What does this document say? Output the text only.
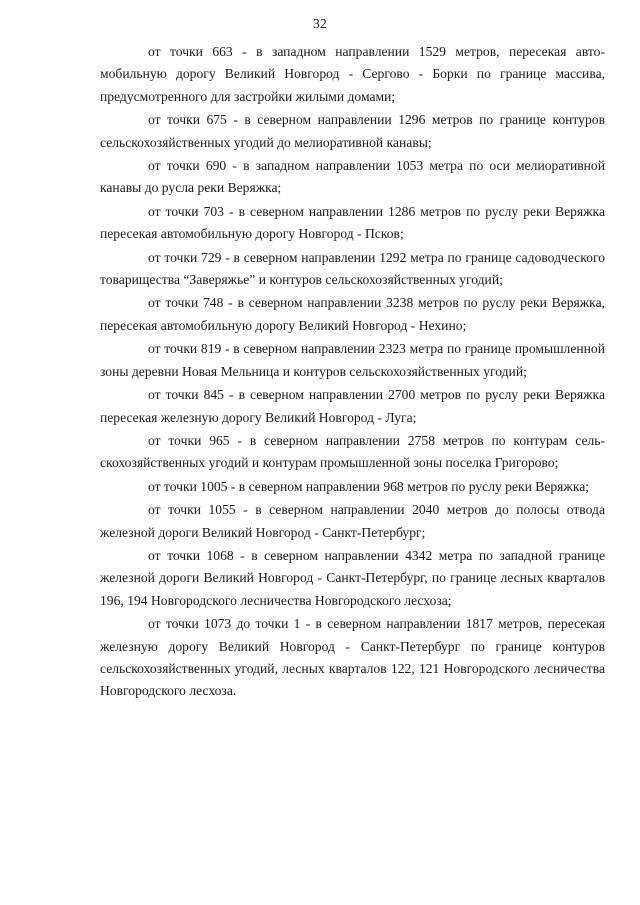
32

от точки 663 - в западном направлении 1529 метров, пересекая автомобильную дорогу Великий Новгород - Сергово - Борки по границе массива, предусмотренного для застройки жилыми домами;

от точки 675 - в северном направлении 1296 метров по границе контуров сельскохозяйственных угодий до мелиоративной канавы;

от точки 690 - в западном направлении 1053 метра по оси мелиоративной канавы до русла реки Веряжка;

от точки 703 - в северном направлении 1286 метров по руслу реки Веряжка пересекая автомобильную дорогу Новгород - Псков;

от точки 729 - в северном направлении 1292 метра по границе садоводческого товарищества “Заверяжье” и контуров сельскохозяйственных угодий;

от точки 748 - в северном направлении 3238 метров по руслу реки Веряжка, пересекая автомобильную дорогу Великий Новгород - Нехино;

от точки 819 - в северном направлении 2323 метра по границе промышленной зоны деревни Новая Мельница и контуров сельскохозяйственных угодий;

от точки 845 - в северном направлении 2700 метров по руслу реки Веряжка пересекая железную дорогу Великий Новгород - Луга;

от точки 965 - в северном направлении 2758 метров по контурам сельскохозяйственных угодий и контурам промышленной зоны поселка Григорово;

от точки 1005 - в северном направлении 968 метров по руслу реки Веряжка;

от точки 1055 - в северном направлении 2040 метров до полосы отвода железной дороги Великий Новгород - Санкт-Петербург;

от точки 1068 - в северном направлении 4342 метра по западной границе железной дороги Великий Новгород - Санкт-Петербург, по границе лесных кварталов 196, 194 Новгородского лесничества Новгородского лесхоза;

от точки 1073 до точки 1 - в северном направлении 1817 метров, пересекая железную дорогу Великий Новгород - Санкт-Петербург по границе контуров сельскохозяйственных угодий, лесных кварталов 122, 121 Новгородского лесничества Новгородского лесхоза.
